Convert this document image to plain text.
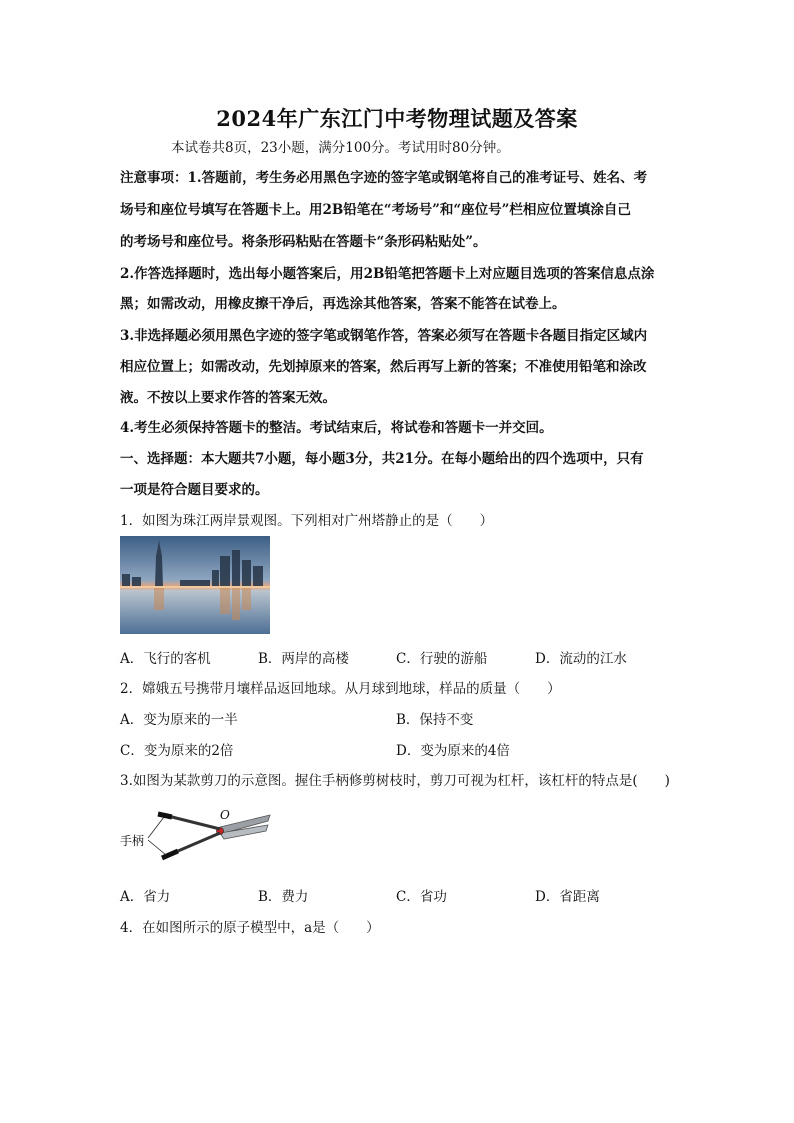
2024年广东江门中考物理试题及答案
本试卷共8页，23小题，满分100分。考试用时80分钟。
注意事项：1.答题前，考生务必用黑色字迹的签字笔或钢笔将自己的准考证号、姓名、考
场号和座位号填写在答题卡上。用2B铅笔在“考场号”和“座位号”栏相应位置填涂自己
的考场号和座位号。将条形码粘贴在答题卡“条形码粘贴处”。
2.作答选择题时，选出每小题答案后，用2B铅笔把答题卡上对应题目选项的答案信息点涂
黑；如需改动，用橡皮擦干净后，再选涂其他答案，答案不能答在试卷上。
3.非选择题必须用黑色字迹的签字笔或钢笔作答，答案必须写在答题卡各题目指定区域内
相应位置上；如需改动，先划掉原来的答案，然后再写上新的答案；不准使用铅笔和涂改
液。不按以上要求作答的答案无效。
4.考生必须保持答题卡的整洁。考试结束后，将试卷和答题卡一并交回。
一、选择题：本大题共7小题，每小题3分，共21分。在每小题给出的四个选项中，只有
一项是符合题目要求的。
1．如图为珠江两岸景观图。下列相对广州塔静止的是（　　）
A．飞行的客机	B．两岸的高楼	C．行驶的游船	D．流动的江水
2．嫦娥五号携带月壤样品返回地球。从月球到地球，样品的质量（　　）
A．变为原来的一半	B．保持不变
C．变为原来的2倍	D．变为原来的4倍
3.如图为某款剪刀的示意图。握住手柄修剪树枝时，剪刀可视为杠杆，该杠杆的特点是(　　)
O
手柄
A．省力	B．费力	C．省功	D．省距离
4．在如图所示的原子模型中，a是（　　）
